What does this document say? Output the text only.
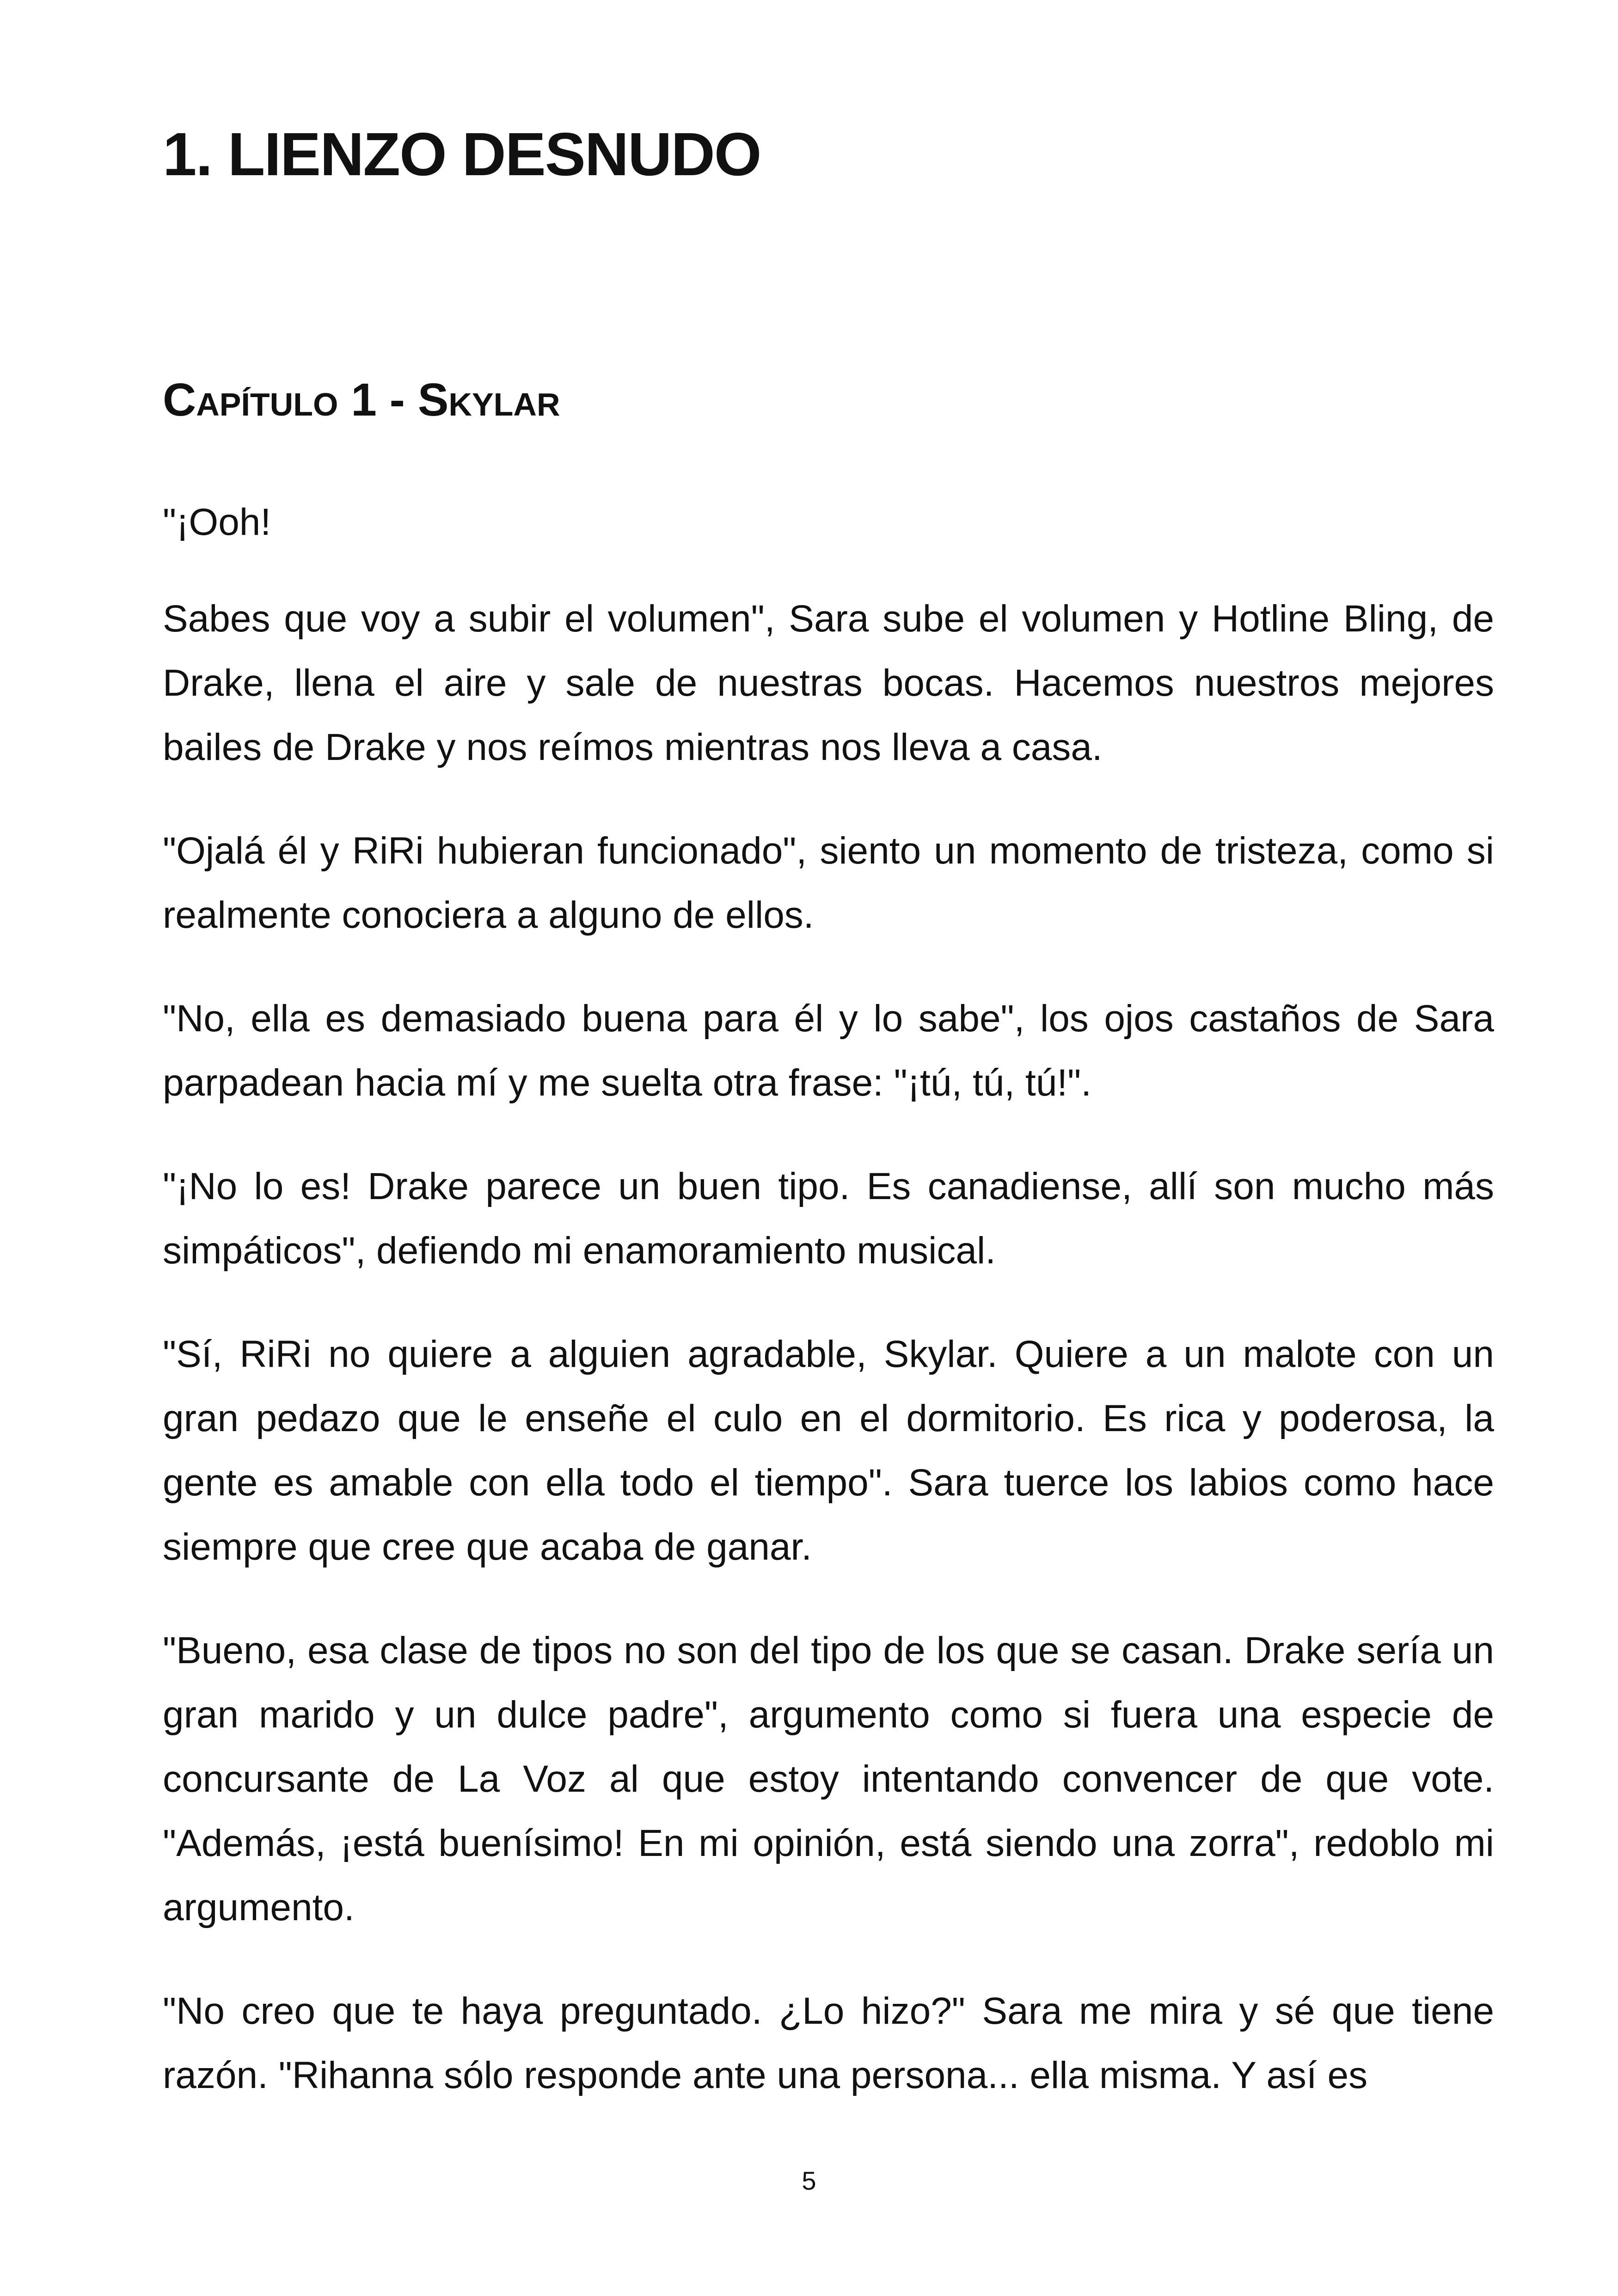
1. LIENZO DESNUDO
Capítulo 1 - Skylar

"¡Ooh!

Sabes que voy a subir el volumen", Sara sube el volumen y Hotline Bling, de Drake, llena el aire y sale de nuestras bocas. Hacemos nuestros mejores bailes de Drake y nos reímos mientras nos lleva a casa.

"Ojalá él y RiRi hubieran funcionado", siento un momento de tristeza, como si realmente conociera a alguno de ellos.

"No, ella es demasiado buena para él y lo sabe", los ojos castaños de Sara parpadean hacia mí y me suelta otra frase: "¡tú, tú, tú!".

"¡No lo es! Drake parece un buen tipo. Es canadiense, allí son mucho más simpáticos", defiendo mi enamoramiento musical.

"Sí, RiRi no quiere a alguien agradable, Skylar. Quiere a un malote con un gran pedazo que le enseñe el culo en el dormitorio. Es rica y poderosa, la gente es amable con ella todo el tiempo". Sara tuerce los labios como hace siempre que cree que acaba de ganar.

"Bueno, esa clase de tipos no son del tipo de los que se casan. Drake sería un gran marido y un dulce padre", argumento como si fuera una especie de concursante de La Voz al que estoy intentando convencer de que vote. "Además, ¡está buenísimo! En mi opinión, está siendo una zorra", redoblo mi argumento.

"No creo que te haya preguntado. ¿Lo hizo?" Sara me mira y sé que tiene razón. "Rihanna sólo responde ante una persona... ella misma. Y así es

5
